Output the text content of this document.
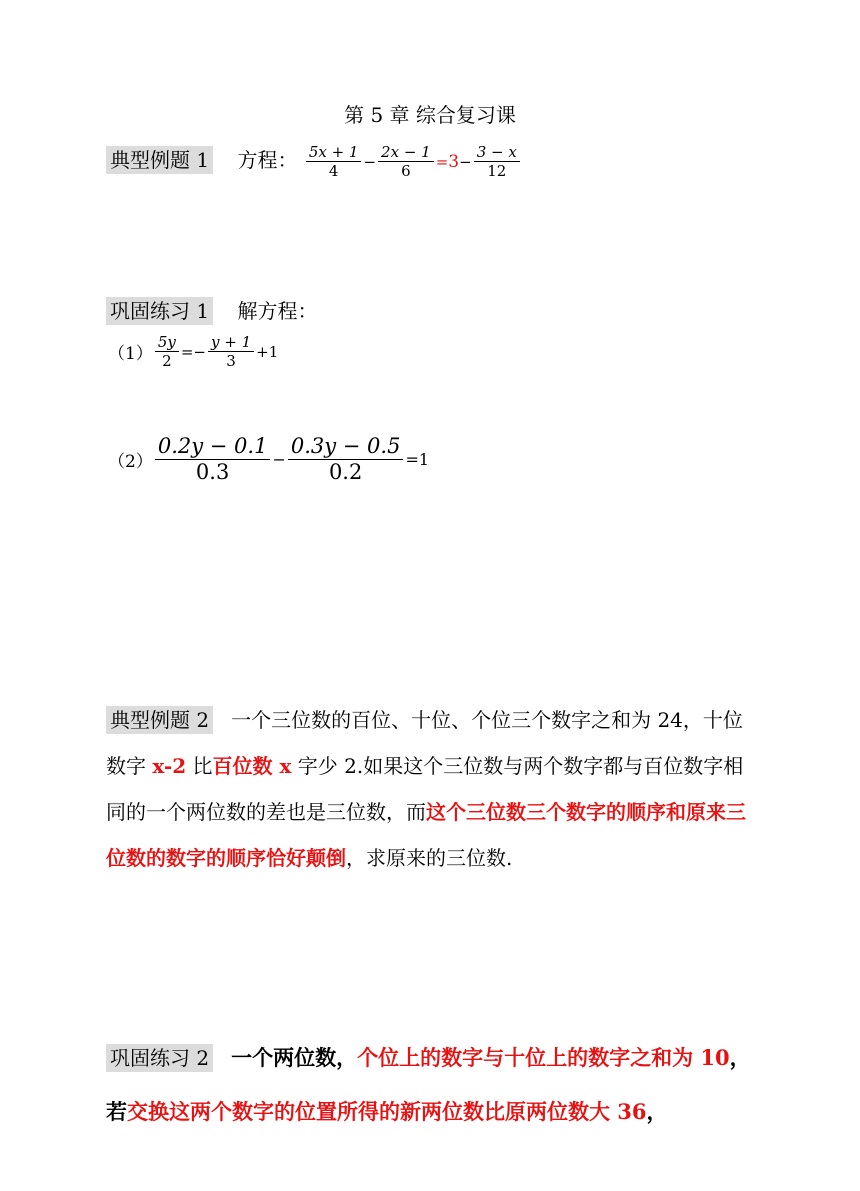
第 5 章 综合复习课
典型例题 1 方程： $\frac{5x + 1}{4} - \frac{2x - 1}{6} =3- \frac{3 - x}{12}$
巩固练习 1 解方程：
$(1) \frac{5y}{2} =- \frac{y + 1}{3} +1$
$(2) \frac{0.2y - 0.1}{0.3} - \frac{0.3y - 0.5}{0.2} =1$
典型例题 2 一个三位数的百位、十位、个位三个数字之和为 24，十位数字 x-2 比百位数 x 字少 2.如果这个三位数与两个数字都与百位数字相同的一个两位数的差也是三位数，而这个三位数三个数字的顺序和原来三位数的数字的顺序恰好颠倒，求原来的三位数.
巩固练习 2 一个两位数，个位上的数字与十位上的数字之和为 10，若交换这两个数字的位置所得的新两位数比原两位数大 36，
